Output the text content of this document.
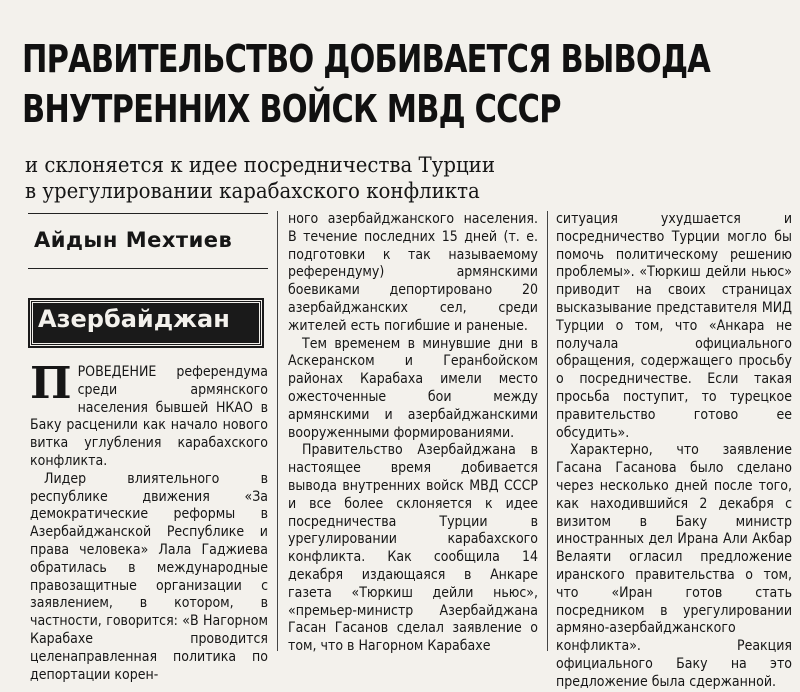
ПРАВИТЕЛЬСТВО ДОБИВАЕТСЯ ВЫВОДА
ВНУТРЕННИХ ВОЙСК МВД СССР
и склоняется к идее посредничества Турции
в урегулировании карабахского конфликта
Айдын Мехтиев
Азербайджан

ПРОВЕДЕНИЕ референдума среди армянского населения бывшей НКАО в Баку расценили как начало нового витка углубления карабахского конфликта.

Лидер влиятельного в республике движения «За демократические реформы в Азербайджанской Республике и права человека» Лала Гаджиева обратилась в международные правозащитные организации с заявлением, в котором, в частности, говорится: «В Нагорном Карабахе проводится целенаправленная политика по депортации корен-

ного азербайджанского населения. В течение последних 15 дней (т. е. подготовки к так называемому референдуму) армянскими боевиками депортировано 20 азербайджанских сел, среди жителей есть погибшие и раненые.

Тем временем в минувшие дни в Аскеранском и Геранбойском районах Карабаха имели место ожесточенные бои между армянскими и азербайджанскими вооруженными формированиями.

Правительство Азербайджана в настоящее время добивается вывода внутренних войск МВД СССР и все более склоняется к идее посредничества Турции в урегулировании карабахского конфликта. Как сообщила 14 декабря издающаяся в Анкаре газета «Тюркиш дейли ньюс», «премьер-министр Азербайджана Гасан Гасанов сделал заявление о том, что в Нагорном Карабахе

ситуация ухудшается и посредничество Турции могло бы помочь политическому решению проблемы». «Тюркиш дейли ньюс» приводит на своих страницах высказывание представителя МИД Турции о том, что «Анкара не получала официального обращения, содержащего просьбу о посредничестве. Если такая просьба поступит, то турецкое правительство готово ее обсудить».

Характерно, что заявление Гасана Гасанова было сделано через несколько дней после того, как находившийся 2 декабря с визитом в Баку министр иностранных дел Ирана Али Акбар Велаяти огласил предложение иранского правительства о том, что «Иран готов стать посредником в урегулировании армяно-азербайджанского конфликта». Реакция официального Баку на это предложение была сдержанной.
